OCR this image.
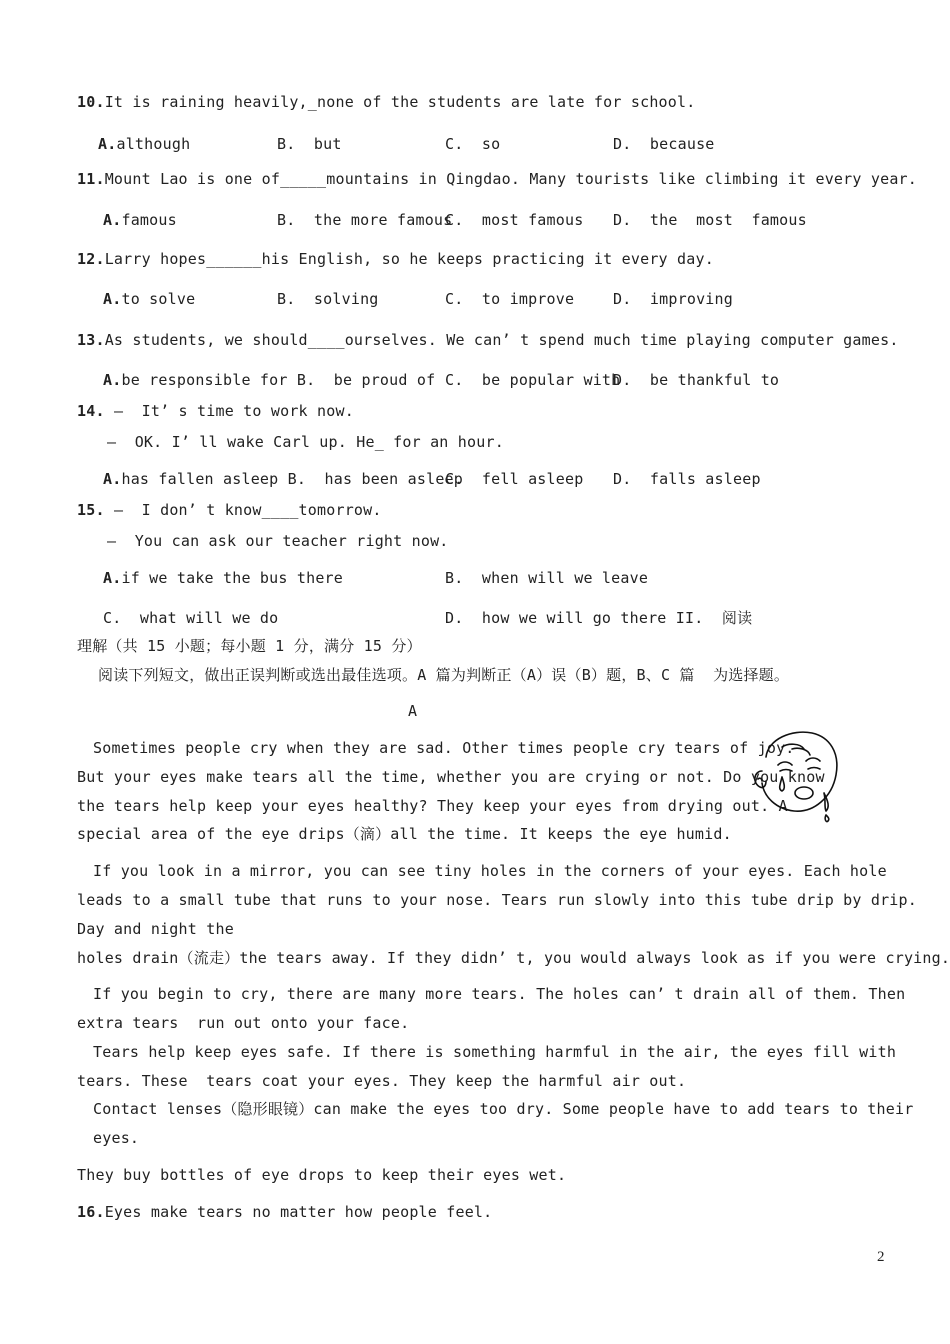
10.It is raining heavily,_none of the students are late for school.
A.although	B.  but	C.  so	D.  because
11.Mount Lao is one of_____mountains in Qingdao. Many tourists like climbing it every year.
A.famous	B.  the more famous
C.  most famous D.  the  most  famous
12.Larry hopes______his English, so he keeps practicing it every day.
A.to solve	B.  solving	C.  to improve	D.  improving
13.As students, we should____ourselves. We can’ t spend much time playing computer games.
A.be responsible for B.  be proud of C.  be popular with
D.  be thankful to
14. —  It’ s time to work now.
—  OK. I’ ll wake Carl up. He_ for an hour.
A.has fallen asleep B.  has been asleep
C.  fell asleep D.  falls asleep
15. —  I don’ t know____tomorrow.
—  You can ask our teacher right now.
A.if we take the bus there	B.  when will we leave
C.  what will we do	D.  how we will go there II.  阅读
理解（共 15 小题；每小题 1 分，满分 15 分）
阅读下列短文，做出正误判断或选出最佳选项。A 篇为判断正（A）误（B）题，B、C 篇  为选择题。
A
Sometimes people cry when they are sad. Other times people cry tears of joy.
But your eyes make tears all the time, whether you are crying or not. Do you know
the tears help keep your eyes healthy? They keep your eyes from drying out. A
special area of the eye drips（滴）all the time. It keeps the eye humid.
If you look in a mirror, you can see tiny holes in the corners of your eyes. Each hole
leads to a small tube that runs to your nose. Tears run slowly into this tube drip by drip.
Day and night the
holes drain（流走）the tears away. If they didn’ t, you would always look as if you were crying.
If you begin to cry, there are many more tears. The holes can’ t drain all of them. Then
extra tears  run out onto your face.
Tears help keep eyes safe. If there is something harmful in the air, the eyes fill with
tears. These  tears coat your eyes. They keep the harmful air out.
Contact lenses（隐形眼镜）can make the eyes too dry. Some people have to add tears to their
eyes.
They buy bottles of eye drops to keep their eyes wet.
16.Eyes make tears no matter how people feel.
2
